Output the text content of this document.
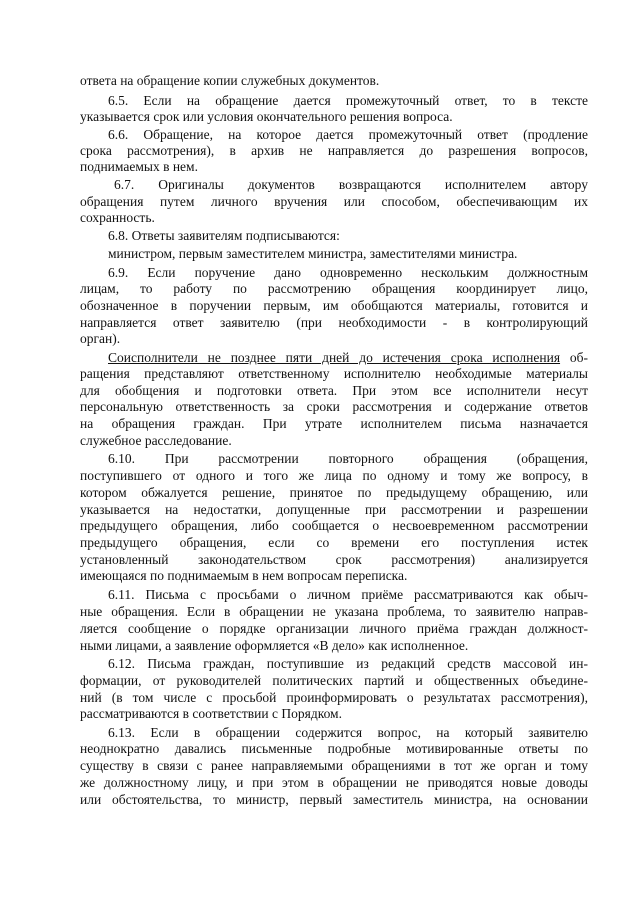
ответа на обращение копии служебных документов.
6.5. Если на обращение дается промежуточный ответ, то в тексте
указывается срок или условия окончательного решения вопроса.
6.6. Обращение, на которое дается промежуточный ответ (продление
срока рассмотрения), в архив не направляется до разрешения вопросов,
поднимаемых в нем.
6.7. Оригиналы документов возвращаются исполнителем автору
обращения путем личного вручения или способом, обеспечивающим их
сохранность.
6.8. Ответы заявителям подписываются:
министром, первым заместителем министра, заместителями министра.
6.9. Если поручение дано одновременно нескольким должностным
лицам, то работу по рассмотрению обращения координирует лицо,
обозначенное в поручении первым, им обобщаются материалы, готовится и
направляется ответ заявителю (при необходимости - в контролирующий
орган).
Соисполнители не позднее пяти дней до истечения срока исполнения об-
ращения представляют ответственному исполнителю необходимые материалы
для обобщения и подготовки ответа. При этом все исполнители несут
персональную ответственность за сроки рассмотрения и содержание ответов
на обращения граждан. При утрате исполнителем письма назначается
служебное расследование.
6.10. При рассмотрении повторного обращения (обращения,
поступившего от одного и того же лица по одному и тому же вопросу, в
котором обжалуется решение, принятое по предыдущему обращению, или
указывается на недостатки, допущенные при рассмотрении и разрешении
предыдущего обращения, либо сообщается о несвоевременном рассмотрении
предыдущего обращения, если со времени его поступления истек
установленный законодательством срок рассмотрения) анализируется
имеющаяся по поднимаемым в нем вопросам переписка.
6.11. Письма с просьбами о личном приёме рассматриваются как обыч-
ные обращения. Если в обращении не указана проблема, то заявителю направ-
ляется сообщение о порядке организации личного приёма граждан должност-
ными лицами, а заявление оформляется «В дело» как исполненное.
6.12. Письма граждан, поступившие из редакций средств массовой ин-
формации, от руководителей политических партий и общественных объедине-
ний (в том числе с просьбой проинформировать о результатах рассмотрения),
рассматриваются в соответствии с Порядком.
6.13. Если в обращении содержится вопрос, на который заявителю
неоднократно давались письменные подробные мотивированные ответы по
существу в связи с ранее направляемыми обращениями в тот же орган и тому
же должностному лицу, и при этом в обращении не приводятся новые доводы
или обстоятельства, то министр, первый заместитель министра, на основании
